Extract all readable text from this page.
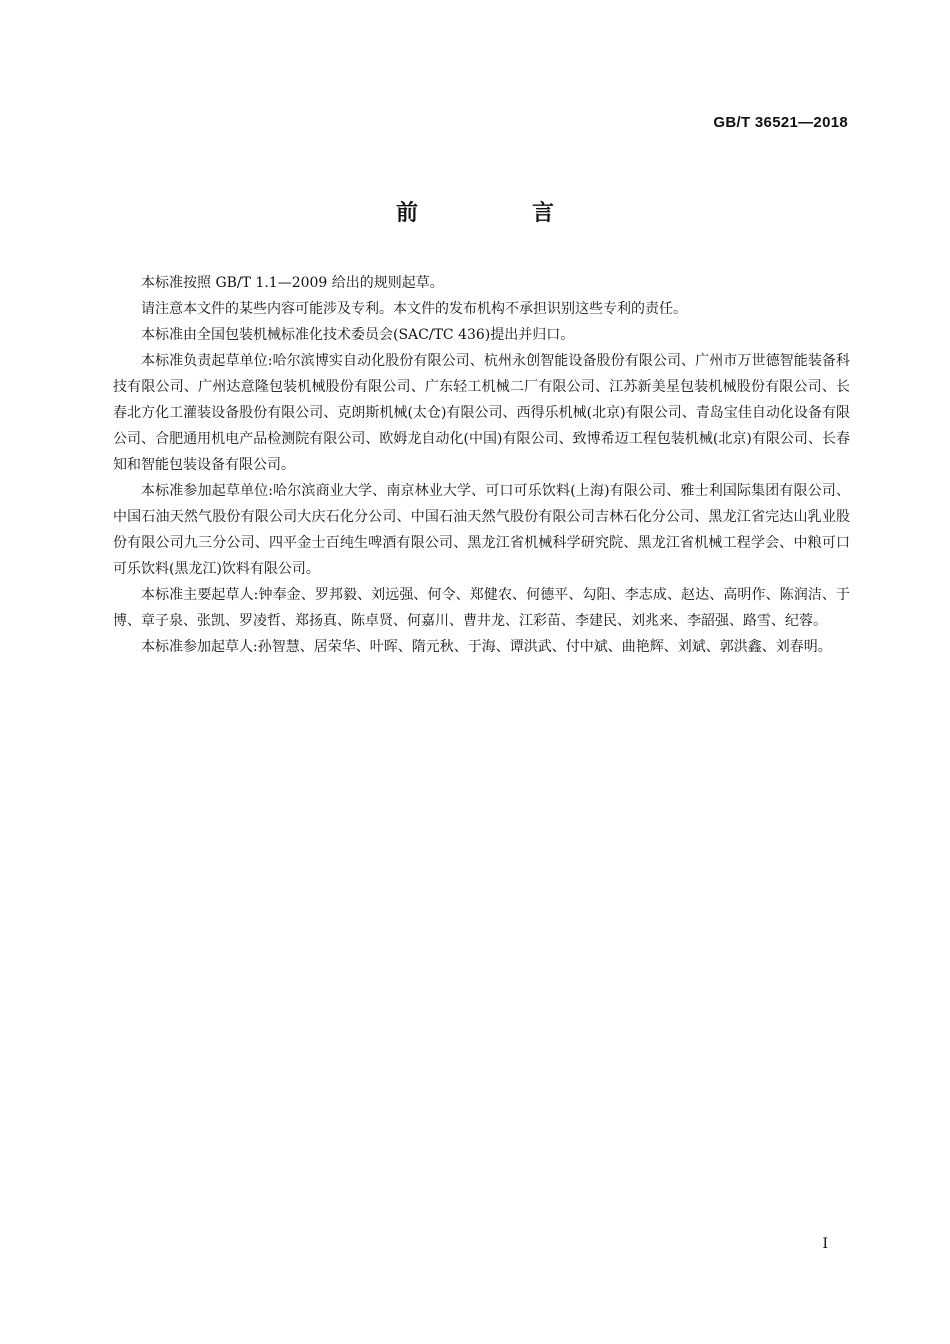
GB/T 36521—2018
前　言

本标准按照 GB/T 1.1—2009 给出的规则起草。

请注意本文件的某些内容可能涉及专利。本文件的发布机构不承担识别这些专利的责任。

本标准由全国包装机械标准化技术委员会(SAC/TC 436)提出并归口。

本标准负责起草单位:哈尔滨博实自动化股份有限公司、杭州永创智能设备股份有限公司、广州市万世德智能装备科技有限公司、广州达意隆包装机械股份有限公司、广东轻工机械二厂有限公司、江苏新美星包装机械股份有限公司、长春北方化工灌装设备股份有限公司、克朗斯机械(太仓)有限公司、西得乐机械(北京)有限公司、青岛宝佳自动化设备有限公司、合肥通用机电产品检测院有限公司、欧姆龙自动化(中国)有限公司、致博希迈工程包装机械(北京)有限公司、长春知和智能包装设备有限公司。

本标准参加起草单位:哈尔滨商业大学、南京林业大学、可口可乐饮料(上海)有限公司、雅士利国际集团有限公司、中国石油天然气股份有限公司大庆石化分公司、中国石油天然气股份有限公司吉林石化分公司、黑龙江省完达山乳业股份有限公司九三分公司、四平金士百纯生啤酒有限公司、黑龙江省机械科学研究院、黑龙江省机械工程学会、中粮可口可乐饮料(黑龙江)饮料有限公司。

本标准主要起草人:钟奉金、罗邦毅、刘远强、何令、郑健农、何德平、勾阳、李志成、赵达、高明作、陈润洁、于博、章子泉、张凯、罗凌哲、郑扬真、陈卓贤、何嘉川、曹井龙、江彩苗、李建民、刘兆来、李韶强、路雪、纪蓉。

本标准参加起草人:孙智慧、居荣华、叶晖、隋元秋、于海、谭洪武、付中斌、曲艳辉、刘斌、郭洪鑫、刘春明。

I
